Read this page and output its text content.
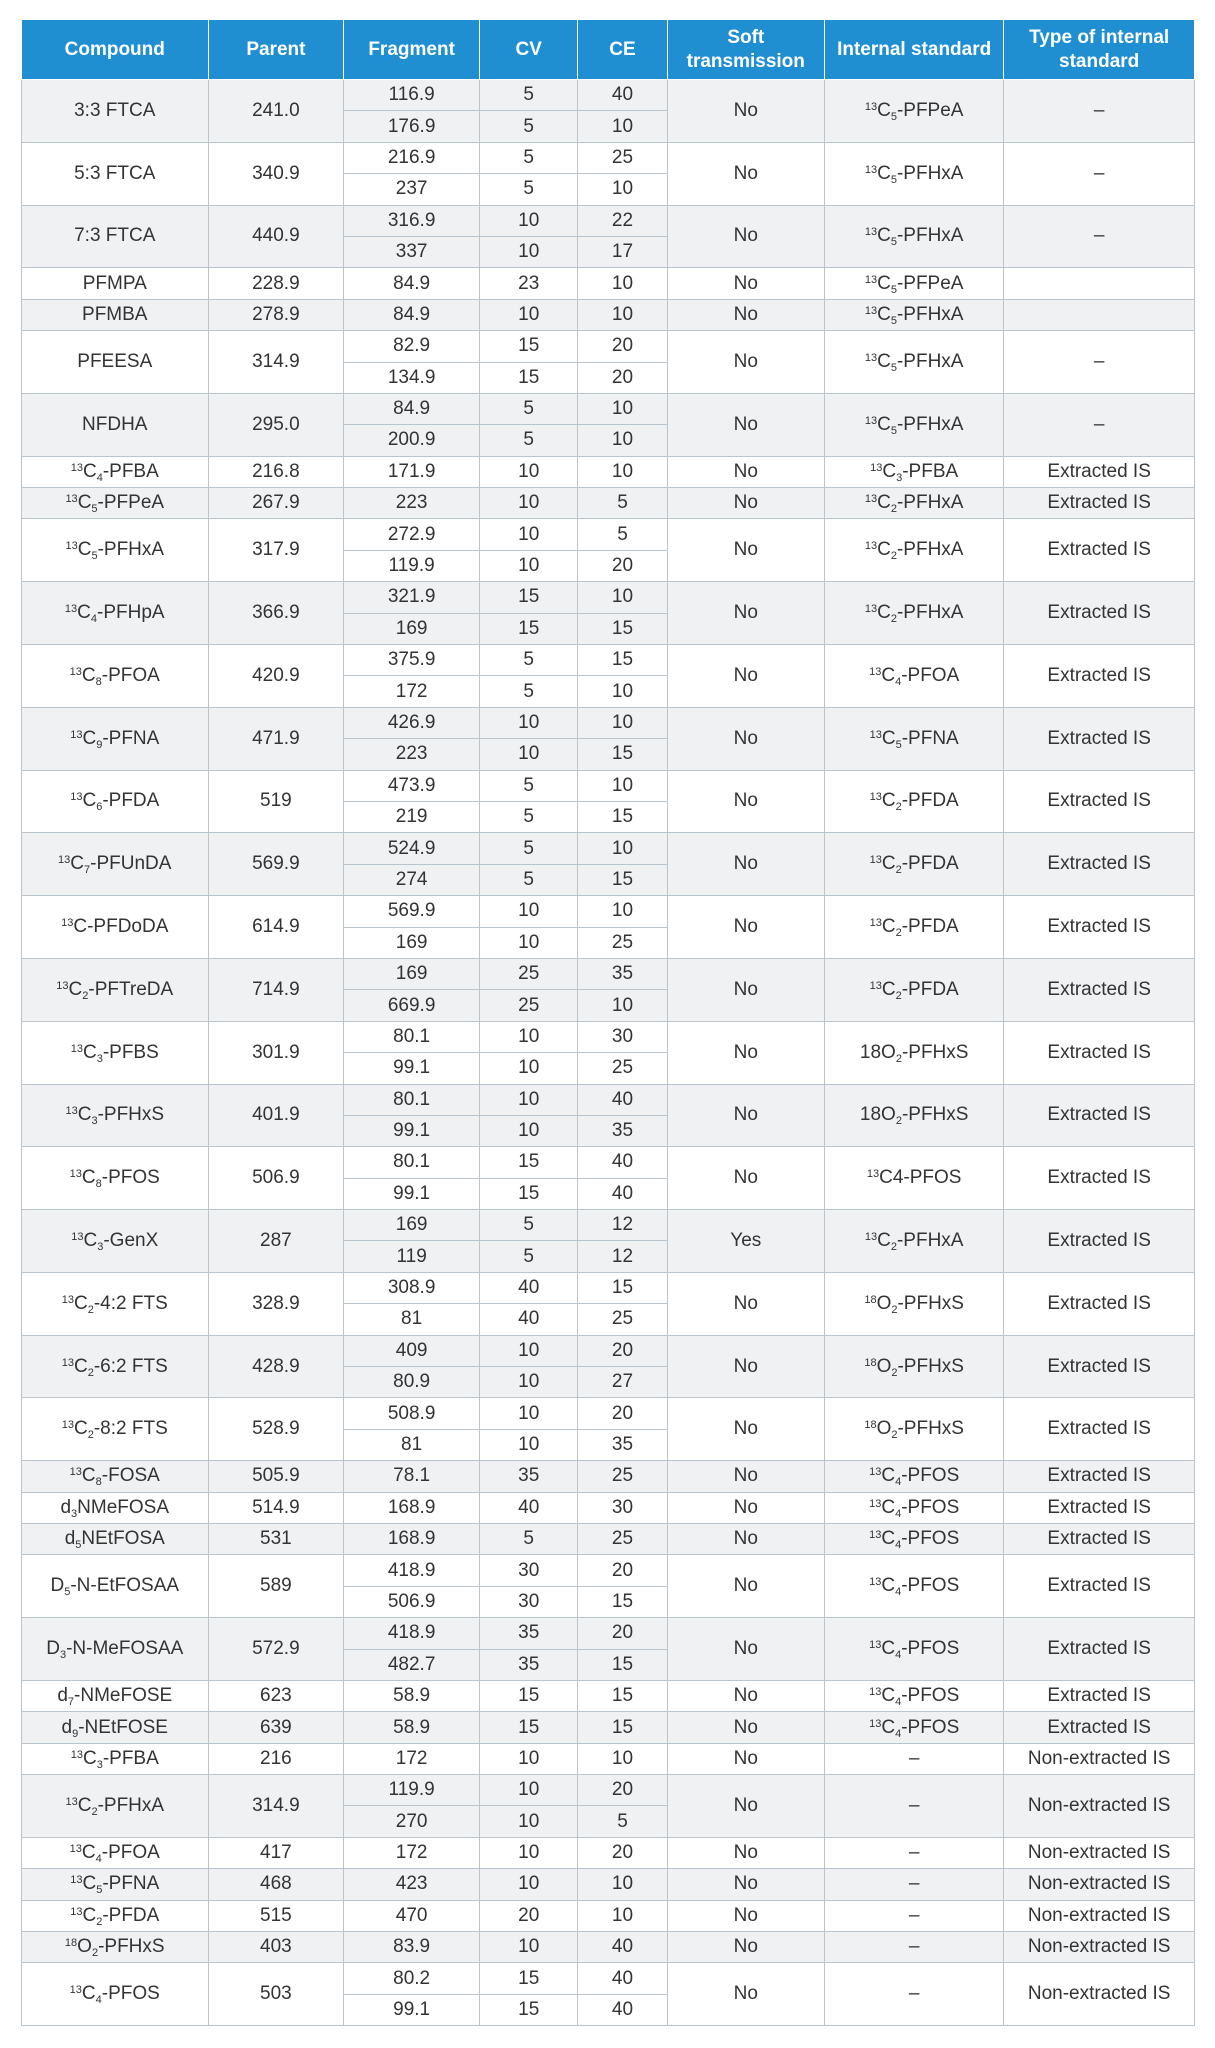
Compound	Parent	Fragment	CV	CE	Soft transmission	Internal standard	Type of internal standard
3:3 FTCA	241.0	116.9	5	40	No	$^{13}C_5$-PFPeA	–
		176.9	5	10			
5:3 FTCA	340.9	216.9	5	25	No	$^{13}C_5$-PFHxA	–
		237	5	10			
7:3 FTCA	440.9	316.9	10	22	No	$^{13}C_5$-PFHxA	–
		337	10	17			
PFMPA	228.9	84.9	23	10	No	$^{13}C_5$-PFPeA	
PFMBA	278.9	84.9	10	10	No	$^{13}C_5$-PFHxA	
PFEESA	314.9	82.9	15	20	No	$^{13}C_5$-PFHxA	–
		134.9	15	20			
NFDHA	295.0	84.9	5	10	No	$^{13}C_5$-PFHxA	–
		200.9	5	10			
$^{13}C_4$-PFBA	216.8	171.9	10	10	No	$^{13}C_3$-PFBA	Extracted IS
$^{13}C_5$-PFPeA	267.9	223	10	5	No	$^{13}C_2$-PFHxA	Extracted IS
$^{13}C_5$-PFHxA	317.9	272.9	10	5	No	$^{13}C_2$-PFHxA	Extracted IS
		119.9	10	20			
$^{13}C_4$-PFHpA	366.9	321.9	15	10	No	$^{13}C_2$-PFHxA	Extracted IS
		169	15	15			
$^{13}C_8$-PFOA	420.9	375.9	5	15	No	$^{13}C_4$-PFOA	Extracted IS
		172	5	10			
$^{13}C_9$-PFNA	471.9	426.9	10	10	No	$^{13}C_5$-PFNA	Extracted IS
		223	10	15			
$^{13}C_6$-PFDA	519	473.9	5	10	No	$^{13}C_2$-PFDA	Extracted IS
		219	5	15			
$^{13}C_7$-PFUnDA	569.9	524.9	5	10	No	$^{13}C_2$-PFDA	Extracted IS
		274	5	15			
$^{13}$C-PFDoDA	614.9	569.9	10	10	No	$^{13}C_2$-PFDA	Extracted IS
		169	10	25			
$^{13}C_2$-PFTreDA	714.9	169	25	35	No	$^{13}C_2$-PFDA	Extracted IS
		669.9	25	10			
$^{13}C_3$-PFBS	301.9	80.1	10	30	No	$18O_2$-PFHxS	Extracted IS
		99.1	10	25			
$^{13}C_3$-PFHxS	401.9	80.1	10	40	No	$18O_2$-PFHxS	Extracted IS
		99.1	10	35			
$^{13}C_8$-PFOS	506.9	80.1	15	40	No	$^{13}$C4-PFOS	Extracted IS
		99.1	15	40			
$^{13}C_3$-GenX	287	169	5	12	Yes	$^{13}C_2$-PFHxA	Extracted IS
		119	5	12			
$^{13}C_2-4:2$ FTS	328.9	308.9	40	15	No	$^{18}O_2$-PFHxS	Extracted IS
		81	40	25			
$^{13}C_2-6:2$ FTS	428.9	409	10	20	No	$^{18}O_2$-PFHxS	Extracted IS
		80.9	10	27			
$^{13}C_2-8:2$ FTS	528.9	508.9	10	20	No	$^{18}O_2$-PFHxS	Extracted IS
		81	10	35			
$^{13}C_8$-FOSA	505.9	78.1	35	25	No	$^{13}C_4$-PFOS	Extracted IS
$d_3NMeFOSA$	514.9	168.9	40	30	No	$^{13}C_4$-PFOS	Extracted IS
$d_5NEtFOSA$	531	168.9	5	25	No	$^{13}C_4$-PFOS	Extracted IS
$D_5-N$-EtFOSAA	589	418.9	30	20	No	$^{13}C_4$-PFOS	Extracted IS
		506.9	30	15			
$D_3-N$-MeFOSAA	572.9	418.9	35	20	No	$^{13}C_4$-PFOS	Extracted IS
		482.7	35	15			
$d_7$-NMeFOSE	623	58.9	15	15	No	$^{13}C_4$-PFOS	Extracted IS
$d_9$-NEtFOSE	639	58.9	15	15	No	$^{13}C_4$-PFOS	Extracted IS
$^{13}C_3$-PFBA	216	172	10	10	No	–	Non-extracted IS
$^{13}C_2$-PFHxA	314.9	119.9	10	20	No	–	Non-extracted IS
		270	10	5			
$^{13}C_4$-PFOA	417	172	10	20	No	–	Non-extracted IS
$^{13}C_5$-PFNA	468	423	10	10	No	–	Non-extracted IS
$^{13}C_2$-PFDA	515	470	20	10	No	–	Non-extracted IS
$^{18}O_2$-PFHxS	403	83.9	10	40	No	–	Non-extracted IS
$^{13}C_4$-PFOS	503	80.2	15	40	No	–	Non-extracted IS
		99.1	15	40			
